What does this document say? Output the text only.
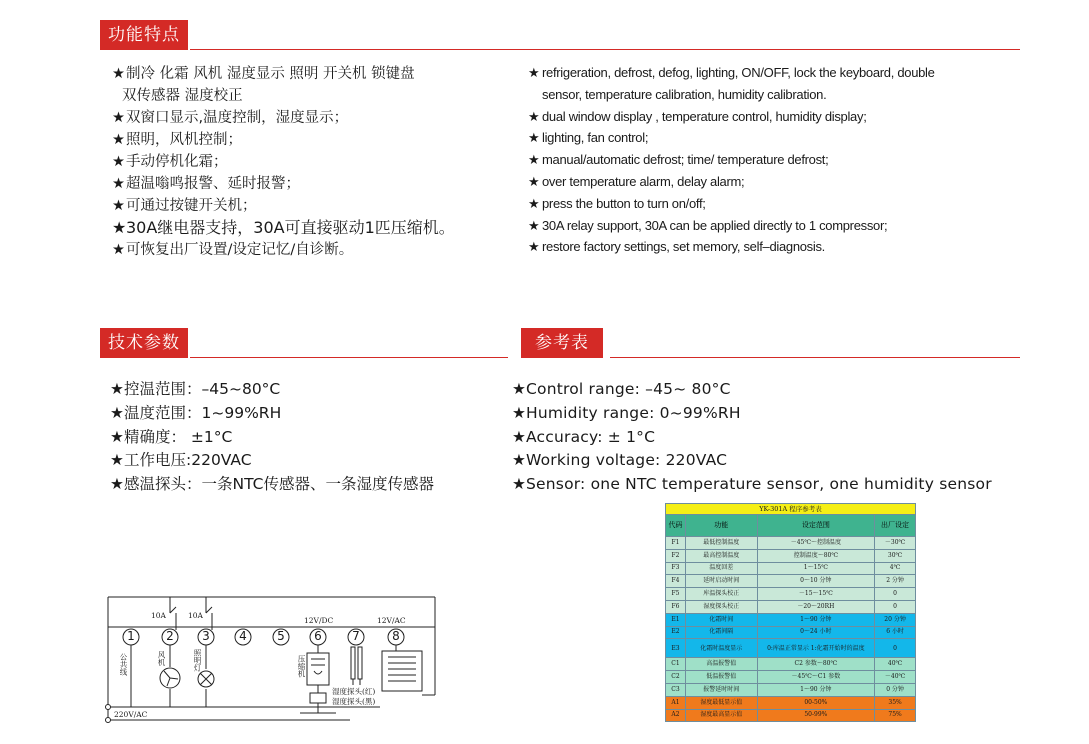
功能特点
★制冷 化霜 风机 湿度显示 照明 开关机 锁键盘
双传感器 湿度校正
★双窗口显示,温度控制，湿度显示；
★照明，风机控制；
★手动停机化霜；
★超温嗡鸣报警、延时报警；
★可通过按键开关机；
★30A继电器支持，30A可直接驱动1匹压缩机。
★可恢复出厂设置/设定记忆/自诊断。
★ refrigeration, defrost, defog, lighting, ON/OFF, lock the keyboard, double sensor, temperature calibration, humidity calibration.
★ dual window display , temperature control, humidity display;
★ lighting, fan control;
★ manual/automatic defrost; time/ temperature defrost;
★ over temperature alarm, delay alarm;
★ press the button to turn on/off;
★ 30A relay support, 30A can be applied directly to 1 compressor;
★ restore factory settings, set memory, self–diagnosis.
技术参数	参考表
★控温范围：–45~80°C
★温度范围：1~99%RH
★精确度： ±1°C
★工作电压:220VAC
★感温探头：一条NTC传感器、一条湿度传感器
★Control range: –45~ 80°C
★Humidity range: 0~99%RH
★Accuracy: ± 1°C
★Working voltage: 220VAC
★Sensor: one NTC temperature sensor, one humidity sensor
YK-301A 程序参考表			
代码	功能	设定范围	出厂设定
F1	最低控制温度	－45℃～控制温度	－30℃
F2	最高控制温度	控制温度～80℃	30℃
F3	温度回差	1～15℃	4℃
F4	延时启动时间	0～10 分钟	2 分钟
F5	库温探头校正	－15～15℃	0
F6	湿度探头校正	－20～20RH	0
E1	化霜时间	1～90 分钟	20 分钟
E2	化霜间隔	0～24 小时	6 小时
E3	化霜时温度显示	0:库温正常显示 1:化霜开始时的温度	0
C1	高温报警值	C2 参数～80℃	40℃
C2	低温报警值	－45℃～C1 参数	－40℃
C3	报警延时时间	1～90 分钟	0 分钟
A1	湿度最低显示值	00-50%	35%
A2	湿度最高显示值	50-99%	75%
1	2	3	4	5	6	7	8
10A	10A
12V/DC	12V/AC
220V/AC
公共线	风机	照明灯	压缩机
湿度探头(红)
湿度探头(黑)
